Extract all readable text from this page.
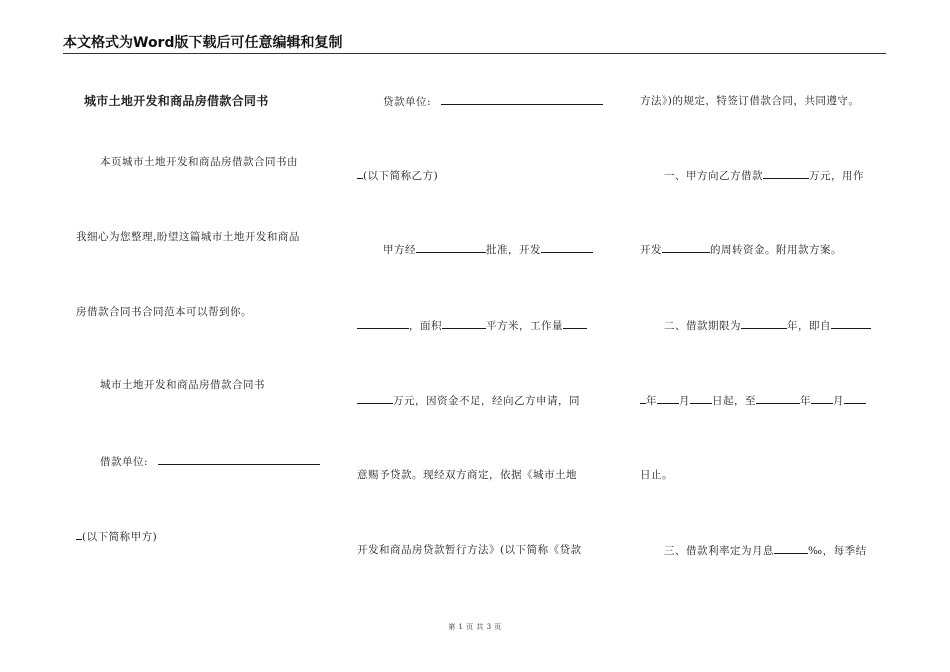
本文格式为Word版下载后可任意编辑和复制
城市土地开发和商品房借款合同书
本页城市土地开发和商品房借款合同书由
我细心为您整理,盼望这篇城市土地开发和商品
房借款合同书合同范本可以帮到你。
城市土地开发和商品房借款合同书
借款单位:
(以下简称甲方)
贷款单位:
(以下简称乙方)
甲方经	批准，开发
，面积	平方米，工作量
万元，因资金不足，经向乙方申请，同
意赐予贷款。现经双方商定，依据《城市土地
开发和商品房贷款暂行方法》(以下简称《贷款
方法》)的规定，特签订借款合同，共同遵守。
一、甲方向乙方借款	万元，用作
开发	的周转资金。附用款方案。
二、借款期限为	年，即自
年 月 日起，至	年 月
日止。
三、借款利率定为月息	‰，每季结
第 1 页 共 3 页
